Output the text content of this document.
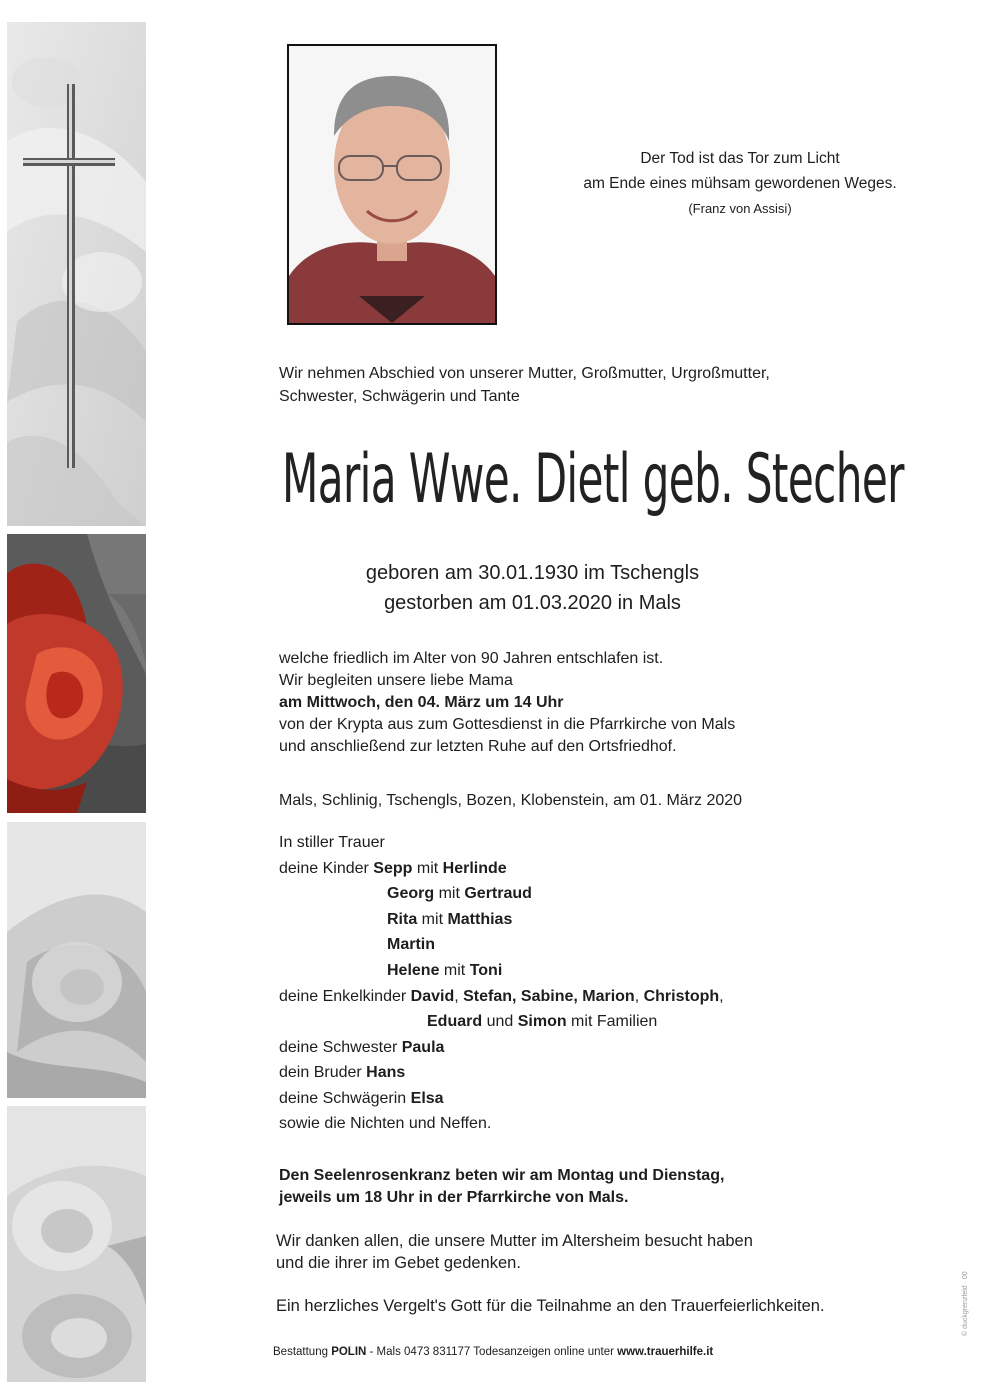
Der Tod ist das Tor zum Licht
am Ende eines mühsam gewordenen Weges.
(Franz von Assisi)
Wir nehmen Abschied von unserer Mutter, Großmutter, Urgroßmutter,
Schwester, Schwägerin und Tante
Maria Wwe. Dietl geb. Stecher
geboren am 30.01.1930 im Tschengls
gestorben am 01.03.2020 in Mals
welche friedlich im Alter von 90 Jahren entschlafen ist.
Wir begleiten unsere liebe Mama
am Mittwoch, den 04. März um 14 Uhr
von der Krypta aus zum Gottesdienst in die Pfarrkirche von Mals
und anschließend zur letzten Ruhe auf den Ortsfriedhof.
Mals, Schlinig, Tschengls, Bozen, Klobenstein, am 01. März 2020
In stiller Trauer
deine Kinder Sepp mit Herlinde
Georg mit Gertraud
Rita mit Matthias
Martin
Helene mit Toni
deine Enkelkinder David, Stefan, Sabine, Marion, Christoph,
Eduard und Simon mit Familien
deine Schwester Paula
dein Bruder Hans
deine Schwägerin Elsa
sowie die Nichten und Neffen.
Den Seelenrosenkranz beten wir am Montag und Dienstag,
jeweils um 18 Uhr in der Pfarrkirche von Mals.
Wir danken allen, die unsere Mutter im Altersheim besucht haben
und die ihrer im Gebet gedenken.
Ein herzliches Vergelt's Gott für die Teilnahme an den Trauerfeierlichkeiten.
Bestattung POLIN - Mals 0473 831177 Todesanzeigen online unter www.trauerhilfe.it
© duckgrenzfeld · 00
